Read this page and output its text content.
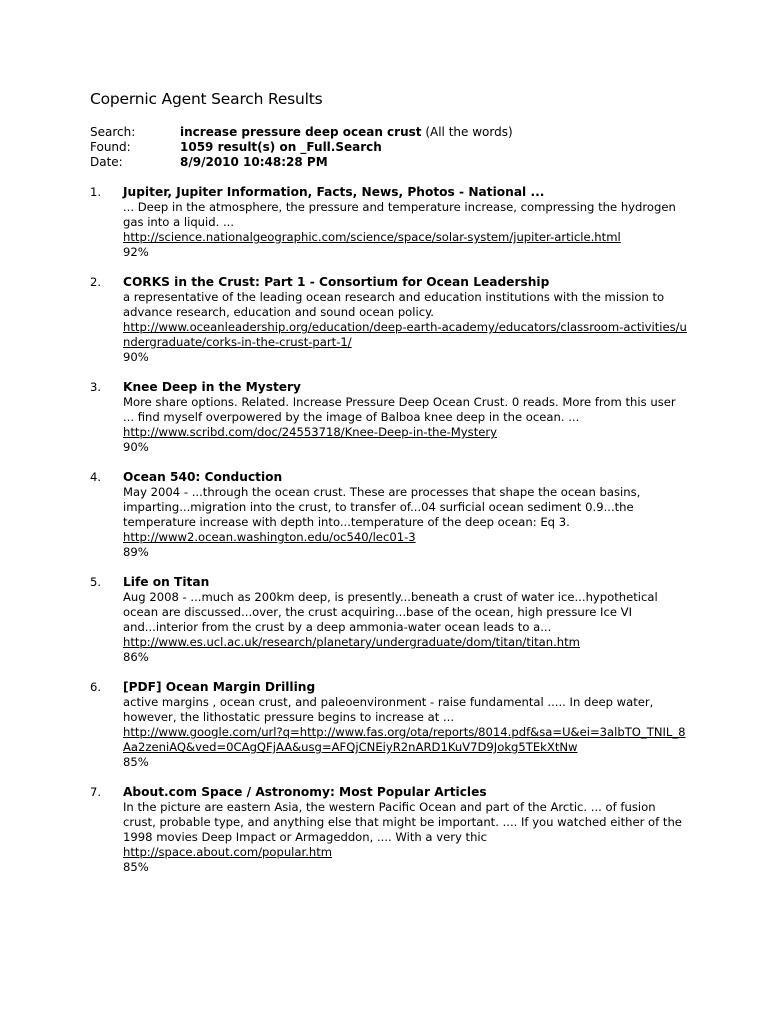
Copernic Agent Search Results
Search:	increase pressure deep ocean crust (All the words)
Found:	1059 result(s) on _Full.Search
Date:	8/9/2010 10:48:28 PM
1.	Jupiter, Jupiter Information, Facts, News, Photos - National ...
... Deep in the atmosphere, the pressure and temperature increase, compressing the hydrogen gas into a liquid. ...
http://science.nationalgeographic.com/science/space/solar-system/jupiter-article.html
92%
2.	CORKS in the Crust: Part 1 - Consortium for Ocean Leadership
a representative of the leading ocean research and education institutions with the mission to advance research, education and sound ocean policy.
http://www.oceanleadership.org/education/deep-earth-academy/educators/classroom-activities/undergraduate/corks-in-the-crust-part-1/
90%
3.	Knee Deep in the Mystery
More share options. Related. Increase Pressure Deep Ocean Crust. 0 reads. More from this user ... find myself overpowered by the image of Balboa knee deep in the ocean. ...
http://www.scribd.com/doc/24553718/Knee-Deep-in-the-Mystery
90%
4.	Ocean 540: Conduction
May 2004 - ...through the ocean crust. These are processes that shape the ocean basins, imparting...migration into the crust, to transfer of...04 surficial ocean sediment 0.9...the temperature increase with depth into...temperature of the deep ocean: Eq 3.
http://www2.ocean.washington.edu/oc540/lec01-3
89%
5.	Life on Titan
Aug 2008 - ...much as 200km deep, is presently...beneath a crust of water ice...hypothetical ocean are discussed...over, the crust acquiring...base of the ocean, high pressure Ice VI and...interior from the crust by a deep ammonia-water ocean leads to a...
http://www.es.ucl.ac.uk/research/planetary/undergraduate/dom/titan/titan.htm
86%
6.	[PDF] Ocean Margin Drilling
active margins , ocean crust, and paleoenvironment - raise fundamental ..... In deep water, however, the lithostatic pressure begins to increase at ...
http://www.google.com/url?q=http://www.fas.org/ota/reports/8014.pdf&sa=U&ei=3albTO_TNIL_8Aa2zeniAQ&ved=0CAgQFjAA&usg=AFQjCNEiyR2nARD1KuV7D9Jokg5TEkXtNw
85%
7.	About.com Space / Astronomy: Most Popular Articles
In the picture are eastern Asia, the western Pacific Ocean and part of the Arctic. ... of fusion crust, probable type, and anything else that might be important. .... If you watched either of the 1998 movies Deep Impact or Armageddon, .... With a very thic
http://space.about.com/popular.htm
85%
